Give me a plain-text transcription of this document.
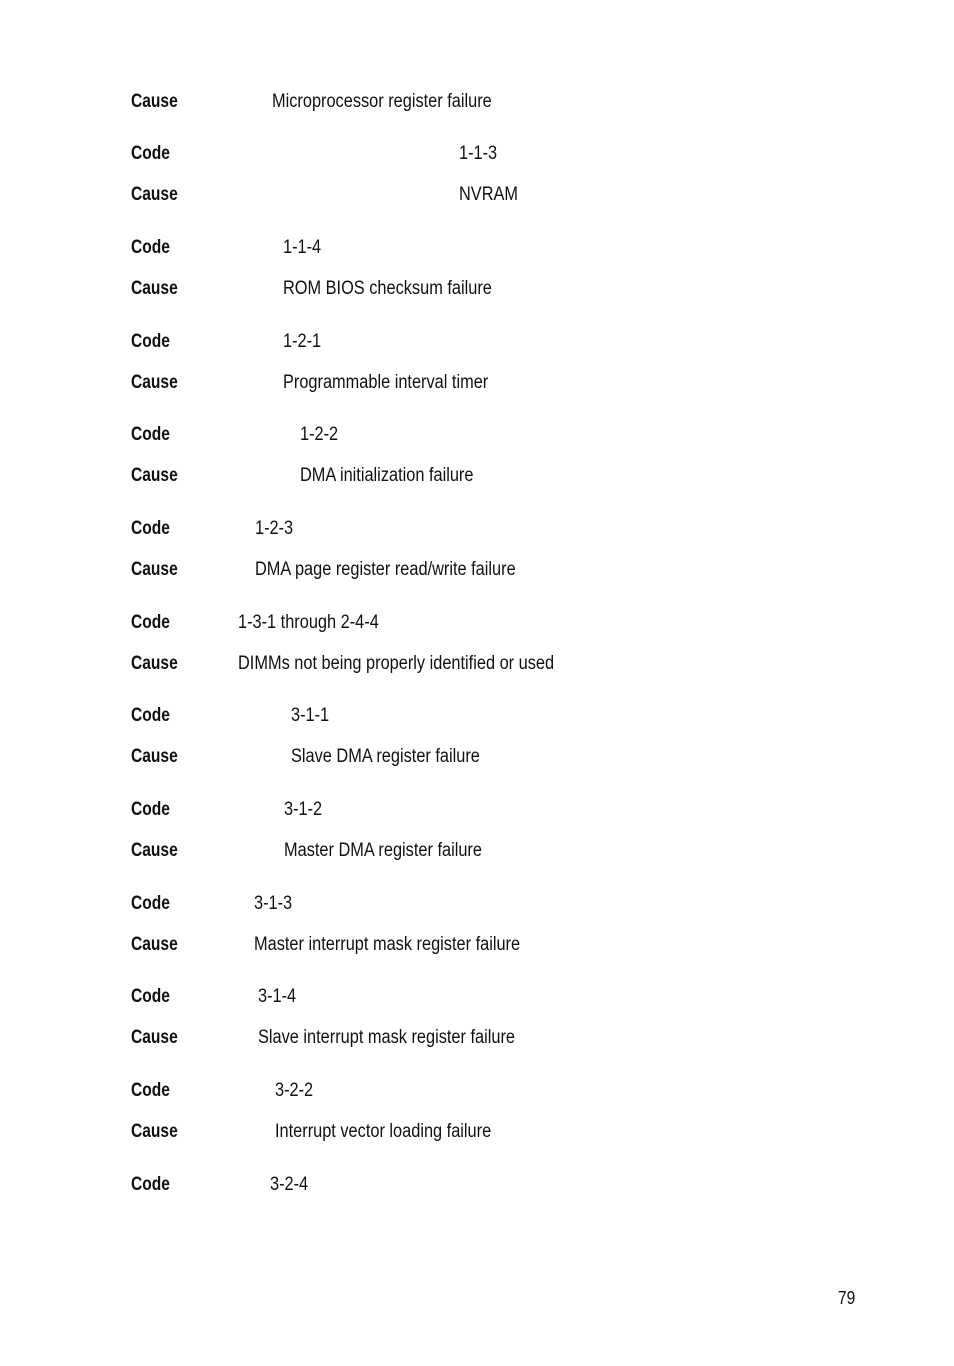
Cause	Microprocessor register failure
Code	1-1-3
Cause	NVRAM
Code	1-1-4
Cause	ROM BIOS checksum failure
Code	1-2-1
Cause	Programmable interval timer
Code	1-2-2
Cause	DMA initialization failure
Code	1-2-3
Cause	DMA page register read/write failure
Code	1-3-1 through 2-4-4
Cause	DIMMs not being properly identified or used
Code	3-1-1
Cause	Slave DMA register failure
Code	3-1-2
Cause	Master DMA register failure
Code	3-1-3
Cause	Master interrupt mask register failure
Code	3-1-4
Cause	Slave interrupt mask register failure
Code	3-2-2
Cause	Interrupt vector loading failure
Code	3-2-4
79
